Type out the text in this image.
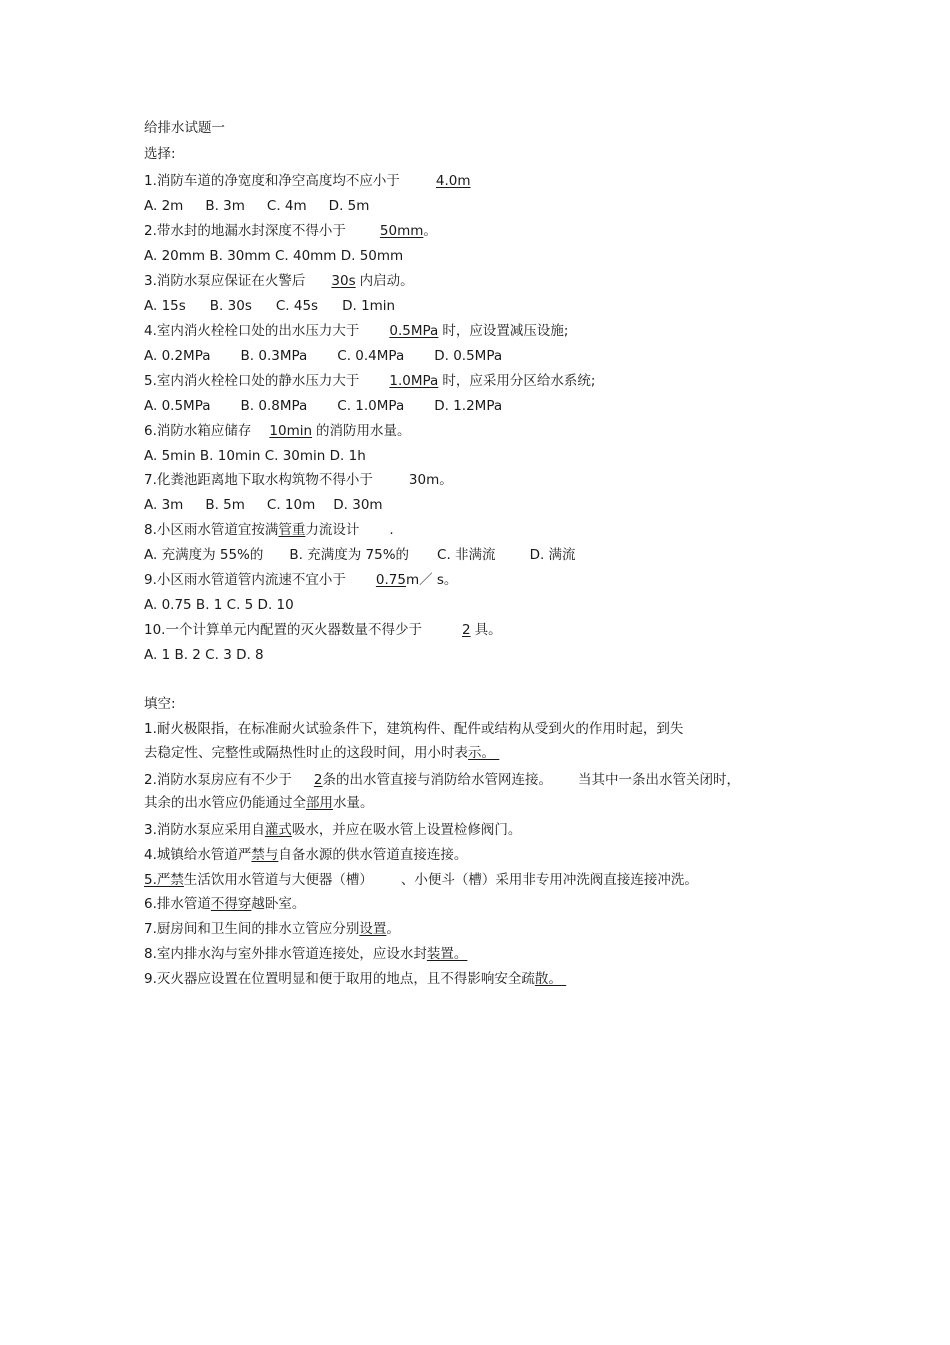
给排水试题一
选择:
1.消防车道的净宽度和净空高度均不应小于	4.0m
A. 2m B. 3m C. 4m D. 5m
2.带水封的地漏水封深度不得小于	50mm。
A. 20mm B. 30mm C. 40mm D. 50mm
3.消防水泵应保证在火警后 30s 内启动。
A. 15s B. 30s C. 45s D. 1min
4.室内消火栓栓口处的出水压力大于 0.5MPa 时，应设置减压设施;
A. 0.2MPa B. 0.3MPa C. 0.4MPa D. 0.5MPa
5.室内消火栓栓口处的静水压力大于 1.0MPa 时，应采用分区给水系统;
A. 0.5MPa B. 0.8MPa C. 1.0MPa D. 1.2MPa
6.消防水箱应储存 10min 的消防用水量。
A. 5min B. 10min C. 30min D. 1h
7.化粪池距离地下取水构筑物不得小于	30m。
A. 3m B. 5m C. 10m D. 30m
8.小区雨水管道宜按满管重力流设计 .
A. 充满度为 55%的 B. 充满度为 75%的 C. 非满流	D. 满流
9.小区雨水管道管内流速不宜小于 0.75m／ s。
A. 0.75 B. 1 C. 5 D. 10
10.一个计算单元内配置的灭火器数量不得少于	2 具。
A. 1 B. 2 C. 3 D. 8
填空:
1.耐火极限指，在标准耐火试验条件下，建筑构件、配件或结构从受到火的作用时起，到失
去稳定性、完整性或隔热性时止的这段时间，用小时表示。
2.消防水泵房应有不少于 2条的出水管直接与消防给水管网连接。 当其中一条出水管关闭时，
其余的出水管应仍能通过全部用水量。
3.消防水泵应采用自灌式吸水，并应在吸水管上设置检修阀门。
4.城镇给水管道严禁与自备水源的供水管道直接连接。
5.严禁生活饮用水管道与大便器（槽） 、小便斗（槽）采用非专用冲洗阀直接连接冲洗。
6.排水管道不得穿越卧室。
7.厨房间和卫生间的排水立管应分别设置。
8.室内排水沟与室外排水管道连接处，应设水封装置。
9.灭火器应设置在位置明显和便于取用的地点，且不得影响安全疏散。
